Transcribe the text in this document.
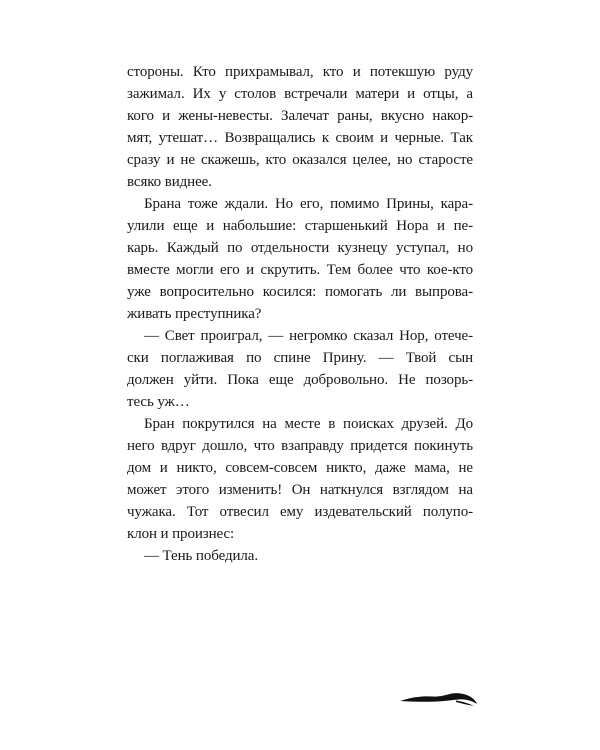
стороны. Кто прихрамывал, кто и потекшую руду
зажимал. Их у столов встречали матери и отцы, а
кого и жены-невесты. Залечат раны, вкусно накор-
мят, утешат… Возвращались к своим и черные. Так
сразу и не скажешь, кто оказался целее, но старосте
всяко виднее.
Брана тоже ждали. Но его, помимо Прины, кара-
улили еще и набольшие: старшенький Нора и пе-
карь. Каждый по отдельности кузнецу уступал, но
вместе могли его и скрутить. Тем более что кое-кто
уже вопросительно косился: помогать ли выпрова-
живать преступника?
— Свет проиграл, — негромко сказал Нор, отече-
ски поглаживая по спине Прину. — Твой сын
должен уйти. Пока еще добровольно. Не позорь-
тесь уж…
Бран покрутился на месте в поисках друзей. До
него вдруг дошло, что взаправду придется покинуть
дом и никто, совсем-совсем никто, даже мама, не
может этого изменить! Он наткнулся взглядом на
чужака. Тот отвесил ему издевательский полупо-
клон и произнес:
— Тень победила.
